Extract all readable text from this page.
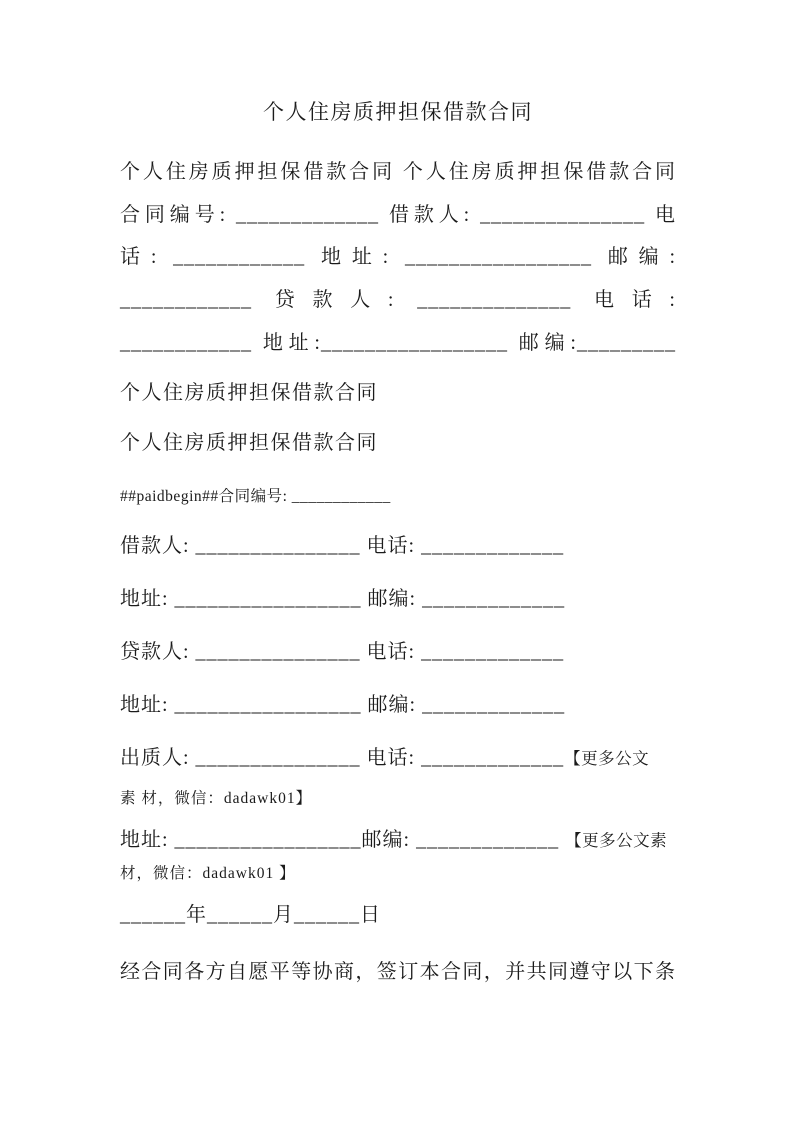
个人住房质押担保借款合同
个人住房质押担保借款合同 个人住房质押担保借款合同
合同编号: _____________ 借款人: _______________ 电
话: ____________ 地址: _________________ 邮编:
____________ 贷款人: ______________ 电话:
____________ 地址:_________________ 邮编:_________
个人住房质押担保借款合同
个人住房质押担保借款合同
##paidbegin##合同编号: ____________
借款人: _______________ 电话: _____________
地址: _________________ 邮编: _____________
贷款人: _______________ 电话: _____________
地址: _________________ 邮编: _____________
出质人: _______________ 电话: _____________【更多公文
素 材，微信：dadawk01】
地址: _________________邮编: _____________ 【更多公文素
材，微信：dadawk01 】
______年______月______日
经合同各方自愿平等协商，签订本合同，并共同遵守以下条
